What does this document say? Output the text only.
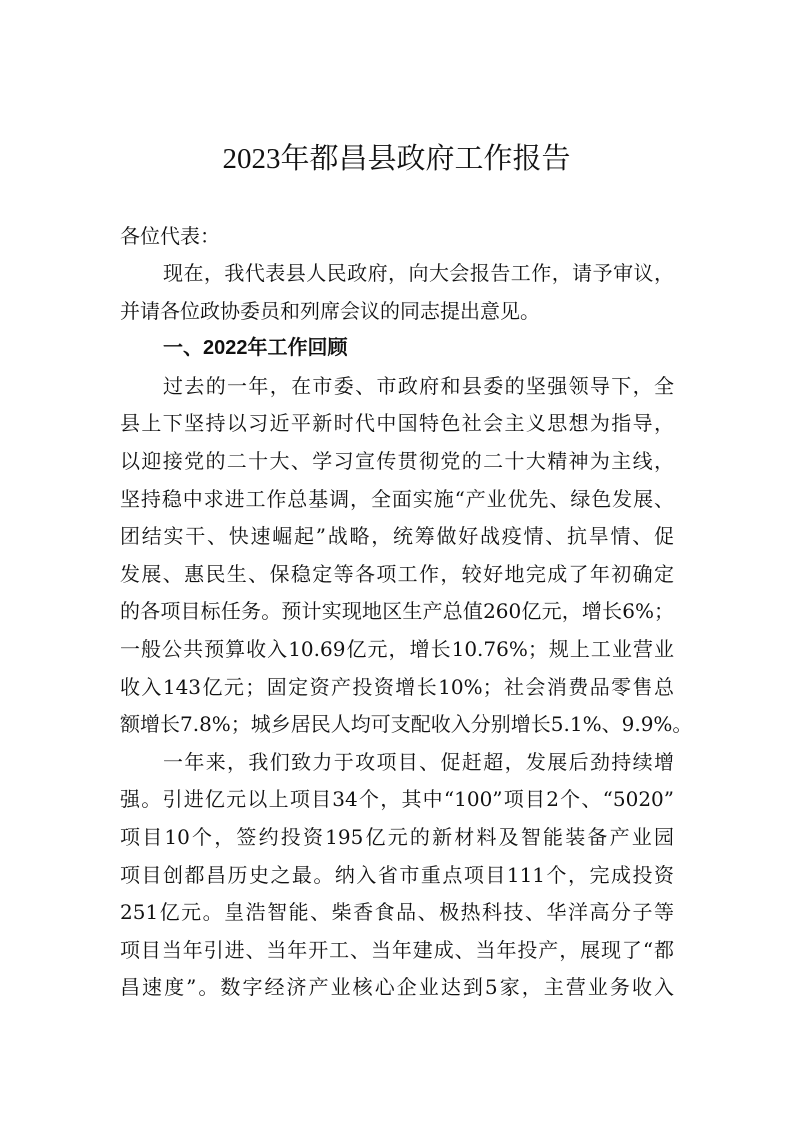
2023年都昌县政府工作报告
各位代表：
现在，我代表县人民政府，向大会报告工作，请予审议，
并请各位政协委员和列席会议的同志提出意见。
一、2022年工作回顾
过去的一年，在市委、市政府和县委的坚强领导下，全
县上下坚持以习近平新时代中国特色社会主义思想为指导，
以迎接党的二十大、学习宣传贯彻党的二十大精神为主线，
坚持稳中求进工作总基调，全面实施“产业优先、绿色发展、
团结实干、快速崛起”战略，统筹做好战疫情、抗旱情、促
发展、惠民生、保稳定等各项工作，较好地完成了年初确定
的各项目标任务。预计实现地区生产总值260亿元，增长6%；
一般公共预算收入10.69亿元，增长10.76%；规上工业营业
收入143亿元；固定资产投资增长10%；社会消费品零售总
额增长7.8%；城乡居民人均可支配收入分别增长5.1%、9.9%。
一年来，我们致力于攻项目、促赶超，发展后劲持续增
强。引进亿元以上项目34个，其中“100”项目2个、“5020”
项目10个，签约投资195亿元的新材料及智能装备产业园
项目创都昌历史之最。纳入省市重点项目111个，完成投资
251亿元。皇浩智能、柴香食品、极热科技、华洋高分子等
项目当年引进、当年开工、当年建成、当年投产，展现了“都
昌速度”。数字经济产业核心企业达到5家，主营业务收入
